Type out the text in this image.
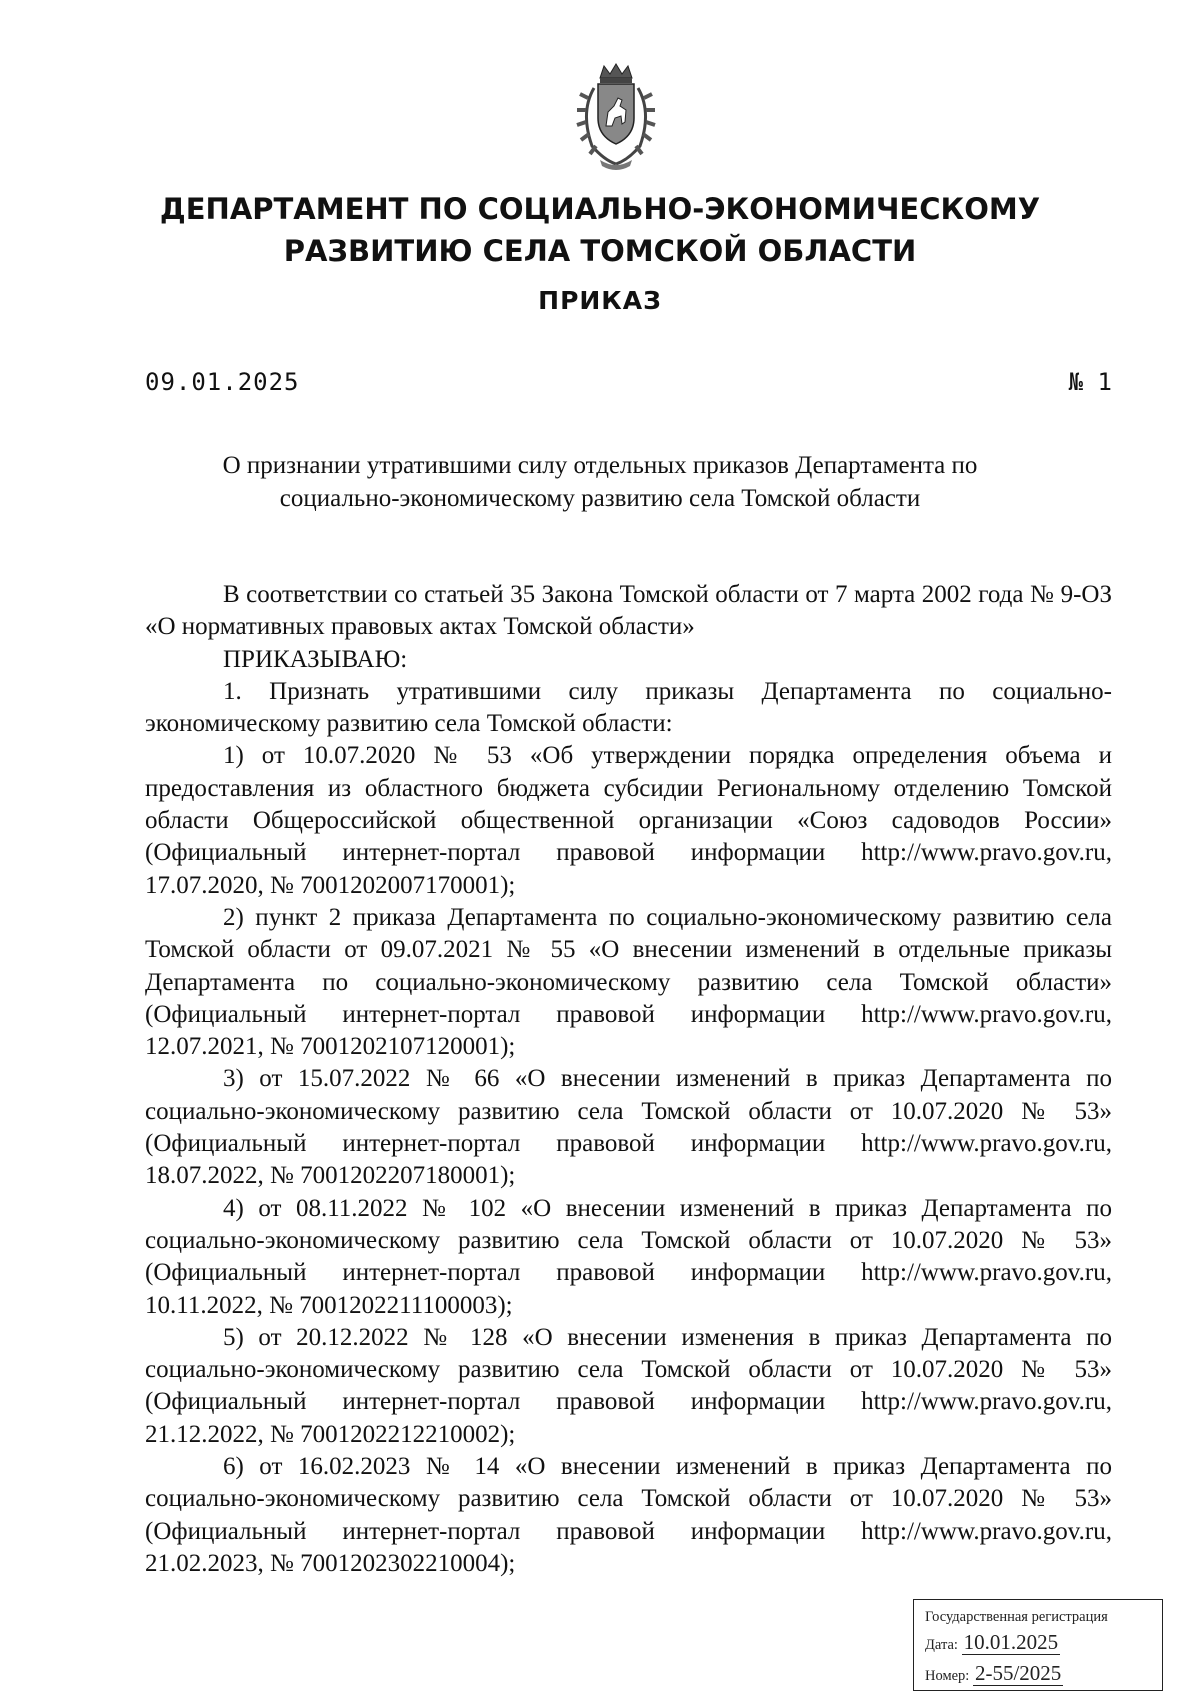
ДЕПАРТАМЕНТ ПО СОЦИАЛЬНО-ЭКОНОМИЧЕСКОМУ
РАЗВИТИЮ СЕЛА ТОМСКОЙ ОБЛАСТИ
ПРИКАЗ
09.01.2025	№ 1
О признании утратившими силу отдельных приказов Департамента по
социально-экономическому развитию села Томской области

В соответствии со статьей 35 Закона Томской области от 7 марта 2002 года № 9-ОЗ «О нормативных правовых актах Томской области»

ПРИКАЗЫВАЮ:

1. Признать утратившими силу приказы Департамента по социально-экономическому развитию села Томской области:

1) от 10.07.2020 № 53 «Об утверждении порядка определения объема и предоставления из областного бюджета субсидии Региональному отделению Томской области Общероссийской общественной организации «Союз садоводов России» (Официальный интернет-портал правовой информации http://www.pravo.gov.ru, 17.07.2020, № 7001202007170001);

2) пункт 2 приказа Департамента по социально-экономическому развитию села Томской области от 09.07.2021 № 55 «О внесении изменений в отдельные приказы Департамента по социально-экономическому развитию села Томской области» (Официальный интернет-портал правовой информации http://www.pravo.gov.ru, 12.07.2021, № 7001202107120001);

3) от 15.07.2022 № 66 «О внесении изменений в приказ Департамента по социально-экономическому развитию села Томской области от 10.07.2020 № 53» (Официальный интернет-портал правовой информации http://www.pravo.gov.ru, 18.07.2022, № 7001202207180001);

4) от 08.11.2022 № 102 «О внесении изменений в приказ Департамента по социально-экономическому развитию села Томской области от 10.07.2020 № 53» (Официальный интернет-портал правовой информации http://www.pravo.gov.ru, 10.11.2022, № 7001202211100003);

5) от 20.12.2022 № 128 «О внесении изменения в приказ Департамента по социально-экономическому развитию села Томской области от 10.07.2020 № 53» (Официальный интернет-портал правовой информации http://www.pravo.gov.ru, 21.12.2022, № 7001202212210002);

6) от 16.02.2023 № 14 «О внесении изменений в приказ Департамента по социально-экономическому развитию села Томской области от 10.07.2020 № 53» (Официальный интернет-портал правовой информации http://www.pravo.gov.ru, 21.02.2023, № 7001202302210004);

Государственная регистрация
Дата: 10.01.2025
Номер: 2-55/2025
